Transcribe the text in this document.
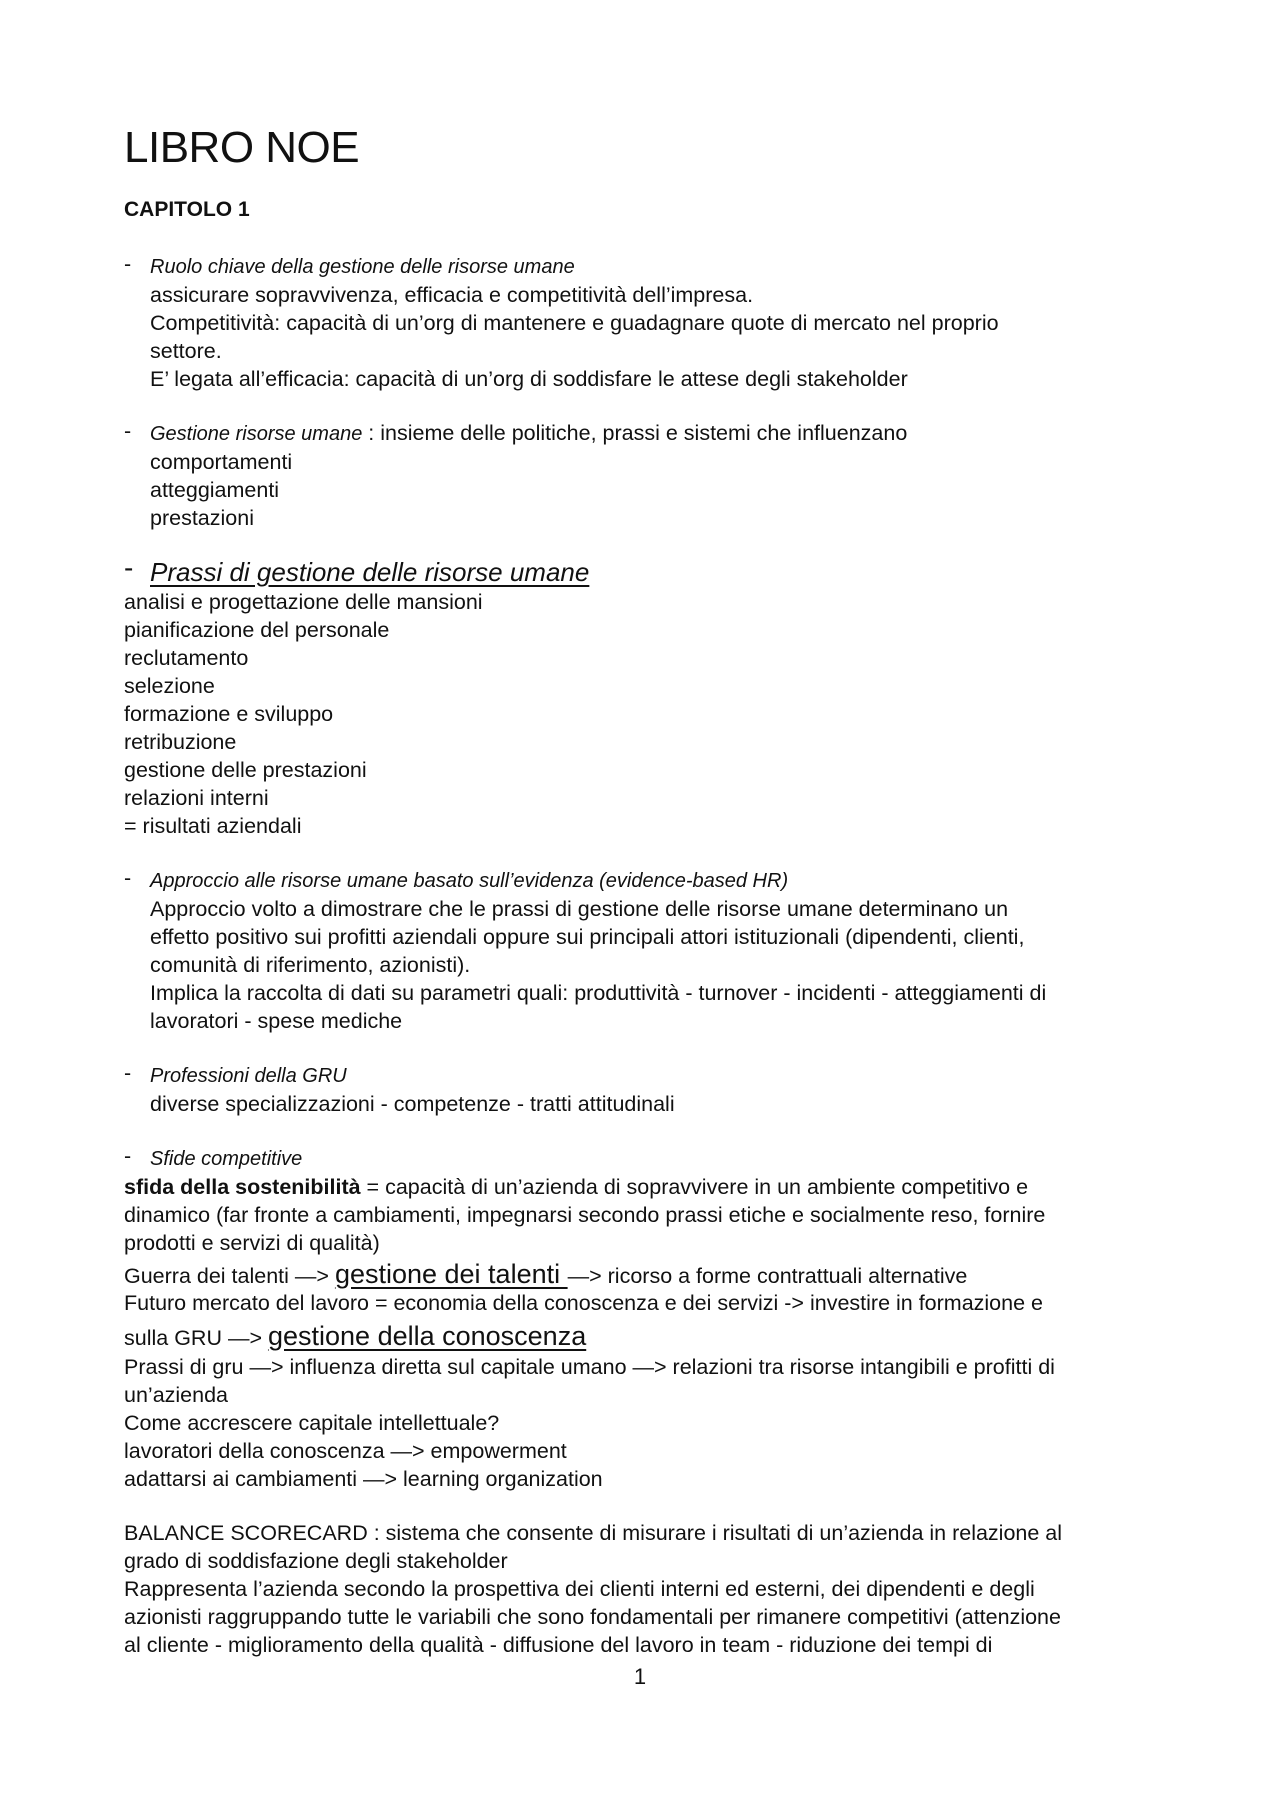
LIBRO NOE
CAPITOLO 1
- Ruolo chiave della gestione delle risorse umane
assicurare sopravvivenza, efficacia e competitività dell’impresa.
Competitività: capacità di un’org di mantenere e guadagnare quote di mercato nel proprio
settore.
E’ legata all’efficacia: capacità di un’org di soddisfare le attese degli stakeholder
- Gestione risorse umane : insieme delle politiche, prassi e sistemi che influenzano
comportamenti
atteggiamenti
prestazioni
- Prassi di gestione delle risorse umane
analisi e progettazione delle mansioni
pianificazione del personale
reclutamento
selezione
formazione e sviluppo
retribuzione
gestione delle prestazioni
relazioni interni
= risultati aziendali
- Approccio alle risorse umane basato sull’evidenza (evidence-based HR)
Approccio volto a dimostrare che le prassi di gestione delle risorse umane determinano un
effetto positivo sui profitti aziendali oppure sui principali attori istituzionali (dipendenti, clienti,
comunità di riferimento, azionisti).
Implica la raccolta di dati su parametri quali: produttività - turnover - incidenti - atteggiamenti di
lavoratori - spese mediche
- Professioni della GRU
diverse specializzazioni - competenze - tratti attitudinali
- Sfide competitive
sfida della sostenibilità = capacità di un’azienda di sopravvivere in un ambiente competitivo e
dinamico (far fronte a cambiamenti, impegnarsi secondo prassi etiche e socialmente reso, fornire
prodotti e servizi di qualità)
Guerra dei talenti —> gestione dei talenti —> ricorso a forme contrattuali alternative
Futuro mercato del lavoro = economia della conoscenza e dei servizi -> investire in formazione e
sulla GRU —> gestione della conoscenza
Prassi di gru —> influenza diretta sul capitale umano —> relazioni tra risorse intangibili e profitti di
un’azienda
Come accrescere capitale intellettuale?
lavoratori della conoscenza —> empowerment
adattarsi ai cambiamenti —> learning organization
BALANCE SCORECARD : sistema che consente di misurare i risultati di un’azienda in relazione al
grado di soddisfazione degli stakeholder
Rappresenta l’azienda secondo la prospettiva dei clienti interni ed esterni, dei dipendenti e degli
azionisti raggruppando tutte le variabili che sono fondamentali per rimanere competitivi (attenzione
al cliente - miglioramento della qualità - diffusione del lavoro in team - riduzione dei tempi di
1
